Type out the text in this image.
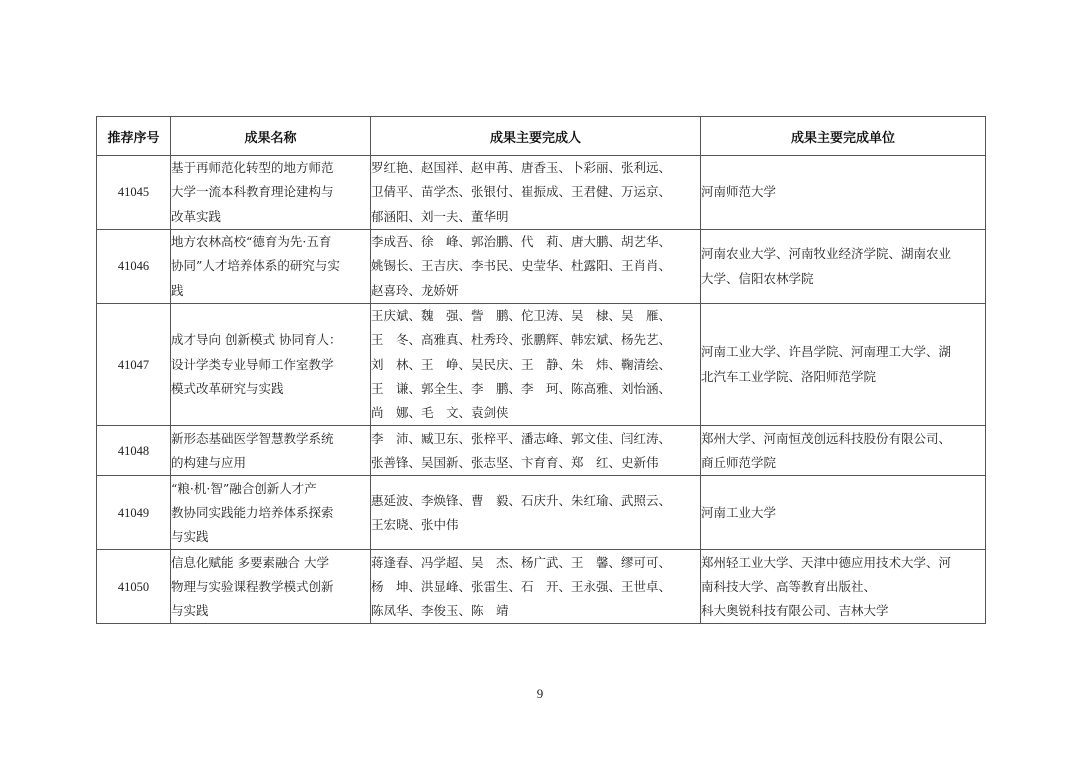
推荐序号	成果名称	成果主要完成人	成果主要完成单位
41045	基于再师范化转型的地方师范
大学一流本科教育理论建构与
改革实践	罗红艳、赵国祥、赵申苒、唐香玉、卜彩丽、张利远、
卫倩平、苗学杰、张银付、崔振成、王君健、万运京、
郁涵阳、刘一夫、董华明	河南师范大学

41046	地方农林高校“德育为先·五育
协同”人才培养体系的研究与实
践	李成吾、徐　峰、郭治鹏、代　莉、唐大鹏、胡艺华、
姚锡长、王吉庆、李书民、史莹华、杜露阳、王肖肖、
赵喜玲、龙娇妍	河南农业大学、河南牧业经济学院、湖南农业
大学、信阳农林学院

41047	成才导向 创新模式 协同育人：
设计学类专业导师工作室教学
模式改革研究与实践	王庆斌、魏　强、訾　鹏、佗卫涛、吴　棣、吴　雁、
王　冬、高雅真、杜秀玲、张鹏辉、韩宏斌、杨先艺、
刘　林、王　峥、吴民庆、王　静、朱　炜、鞠清绘、
王　谦、郭全生、李　鹏、李　珂、陈高雅、刘怡涵、
尚　娜、毛　文、袁剑侠	河南工业大学、许昌学院、河南理工大学、湖
北汽车工业学院、洛阳师范学院

41048	新形态基础医学智慧教学系统
的构建与应用	李　沛、臧卫东、张梓平、潘志峰、郭文佳、闫红涛、
张善锋、吴国新、张志坚、卞育育、郑　红、史新伟	郑州大学、河南恒茂创远科技股份有限公司、
商丘师范学院

41049	“粮·机·智”融合创新人才产
教协同实践能力培养体系探索
与实践	惠延波、李焕锋、曹　毅、石庆升、朱红瑜、武照云、
王宏晓、张中伟	河南工业大学

41050	信息化赋能 多要素融合 大学
物理与实验课程教学模式创新
与实践	蒋逢春、冯学超、吴　杰、杨广武、王　馨、缪可可、
杨　坤、洪显峰、张雷生、石　开、王永强、王世卓、
陈凤华、李俊玉、陈　靖	郑州轻工业大学、天津中德应用技术大学、河
南科技大学、高等教育出版社、
科大奥锐科技有限公司、吉林大学
9
